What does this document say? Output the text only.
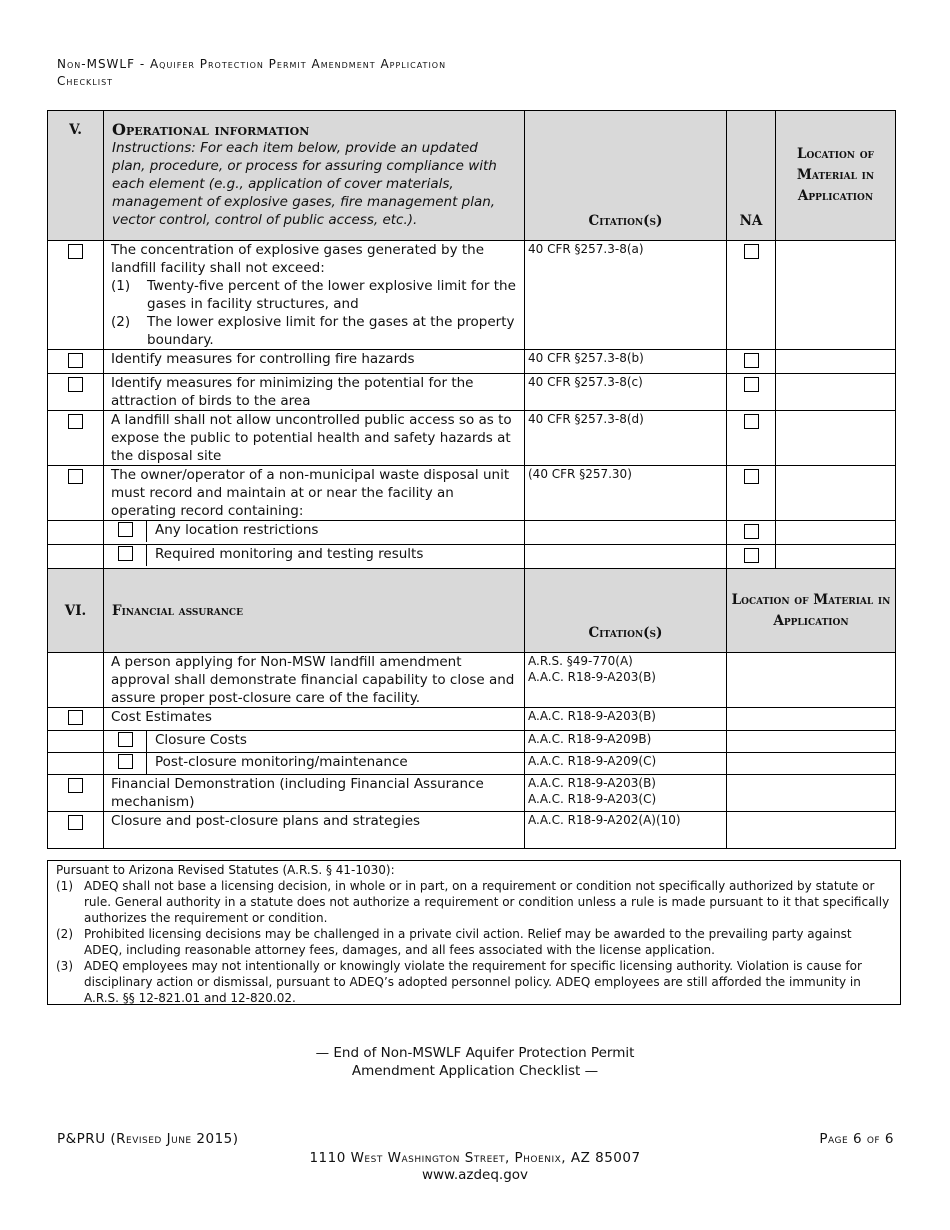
Non-MSWLF - Aquifer Protection Permit Amendment Application
Checklist
V.	Operational information
Instructions: For each item below, provide an updated plan, procedure, or process for assuring compliance with each element (e.g., application of cover materials, management of explosive gases, fire management plan, vector control, control of public access, etc.).	Citation(s)	NA	Location of Material in Application

	The concentration of explosive gases generated by the landfill facility shall not exceed:
(1) Twenty-five percent of the lower explosive limit for the gases in facility structures, and
(2) The lower explosive limit for the gases at the property boundary.	40 CFR §257.3-8(a)		
	Identify measures for controlling fire hazards	40 CFR §257.3-8(b)		
	Identify measures for minimizing the potential for the attraction of birds to the area	40 CFR §257.3-8(c)		
	A landfill shall not allow uncontrolled public access so as to expose the public to potential health and safety hazards at the disposal site	40 CFR §257.3-8(d)		
	The owner/operator of a non-municipal waste disposal unit must record and maintain at or near the facility an operating record containing:	(40 CFR §257.30)		

	Any location restrictions			

	Required monitoring and testing results			

VI.	Financial assurance	Citation(s)	Location of Material in Application
	A person applying for Non-MSW landfill amendment approval shall demonstrate financial capability to close and assure proper post-closure care of the facility.	A.R.S. §49-770(A)
A.A.C. R18-9-A203(B)	

	Cost Estimates	A.A.C. R18-9-A203(B)	

	Closure Costs	A.A.C. R18-9-A209B)	

	Post-closure monitoring/maintenance	A.A.C. R18-9-A209(C)	
	Financial Demonstration (including Financial Assurance mechanism)	A.A.C. R18-9-A203(B)
A.A.C. R18-9-A203(C)	

	Closure and post-closure plans and strategies	A.A.C. R18-9-A202(A)(10)	
Pursuant to Arizona Revised Statutes (A.R.S. § 41-1030):
(1) ADEQ shall not base a licensing decision, in whole or in part, on a requirement or condition not specifically authorized by statute or rule. General authority in a statute does not authorize a requirement or condition unless a rule is made pursuant to it that specifically authorizes the requirement or condition.
(2) Prohibited licensing decisions may be challenged in a private civil action. Relief may be awarded to the prevailing party against ADEQ, including reasonable attorney fees, damages, and all fees associated with the license application.
(3) ADEQ employees may not intentionally or knowingly violate the requirement for specific licensing authority. Violation is cause for disciplinary action or dismissal, pursuant to ADEQ’s adopted personnel policy. ADEQ employees are still afforded the immunity in A.R.S. §§ 12-821.01 and 12-820.02.
— End of Non-MSWLF Aquifer Protection Permit
Amendment Application Checklist —
P&PRU (Revised June 2015)	Page 6 of 6
1110 West Washington Street, Phoenix, AZ 85007
www.azdeq.gov
